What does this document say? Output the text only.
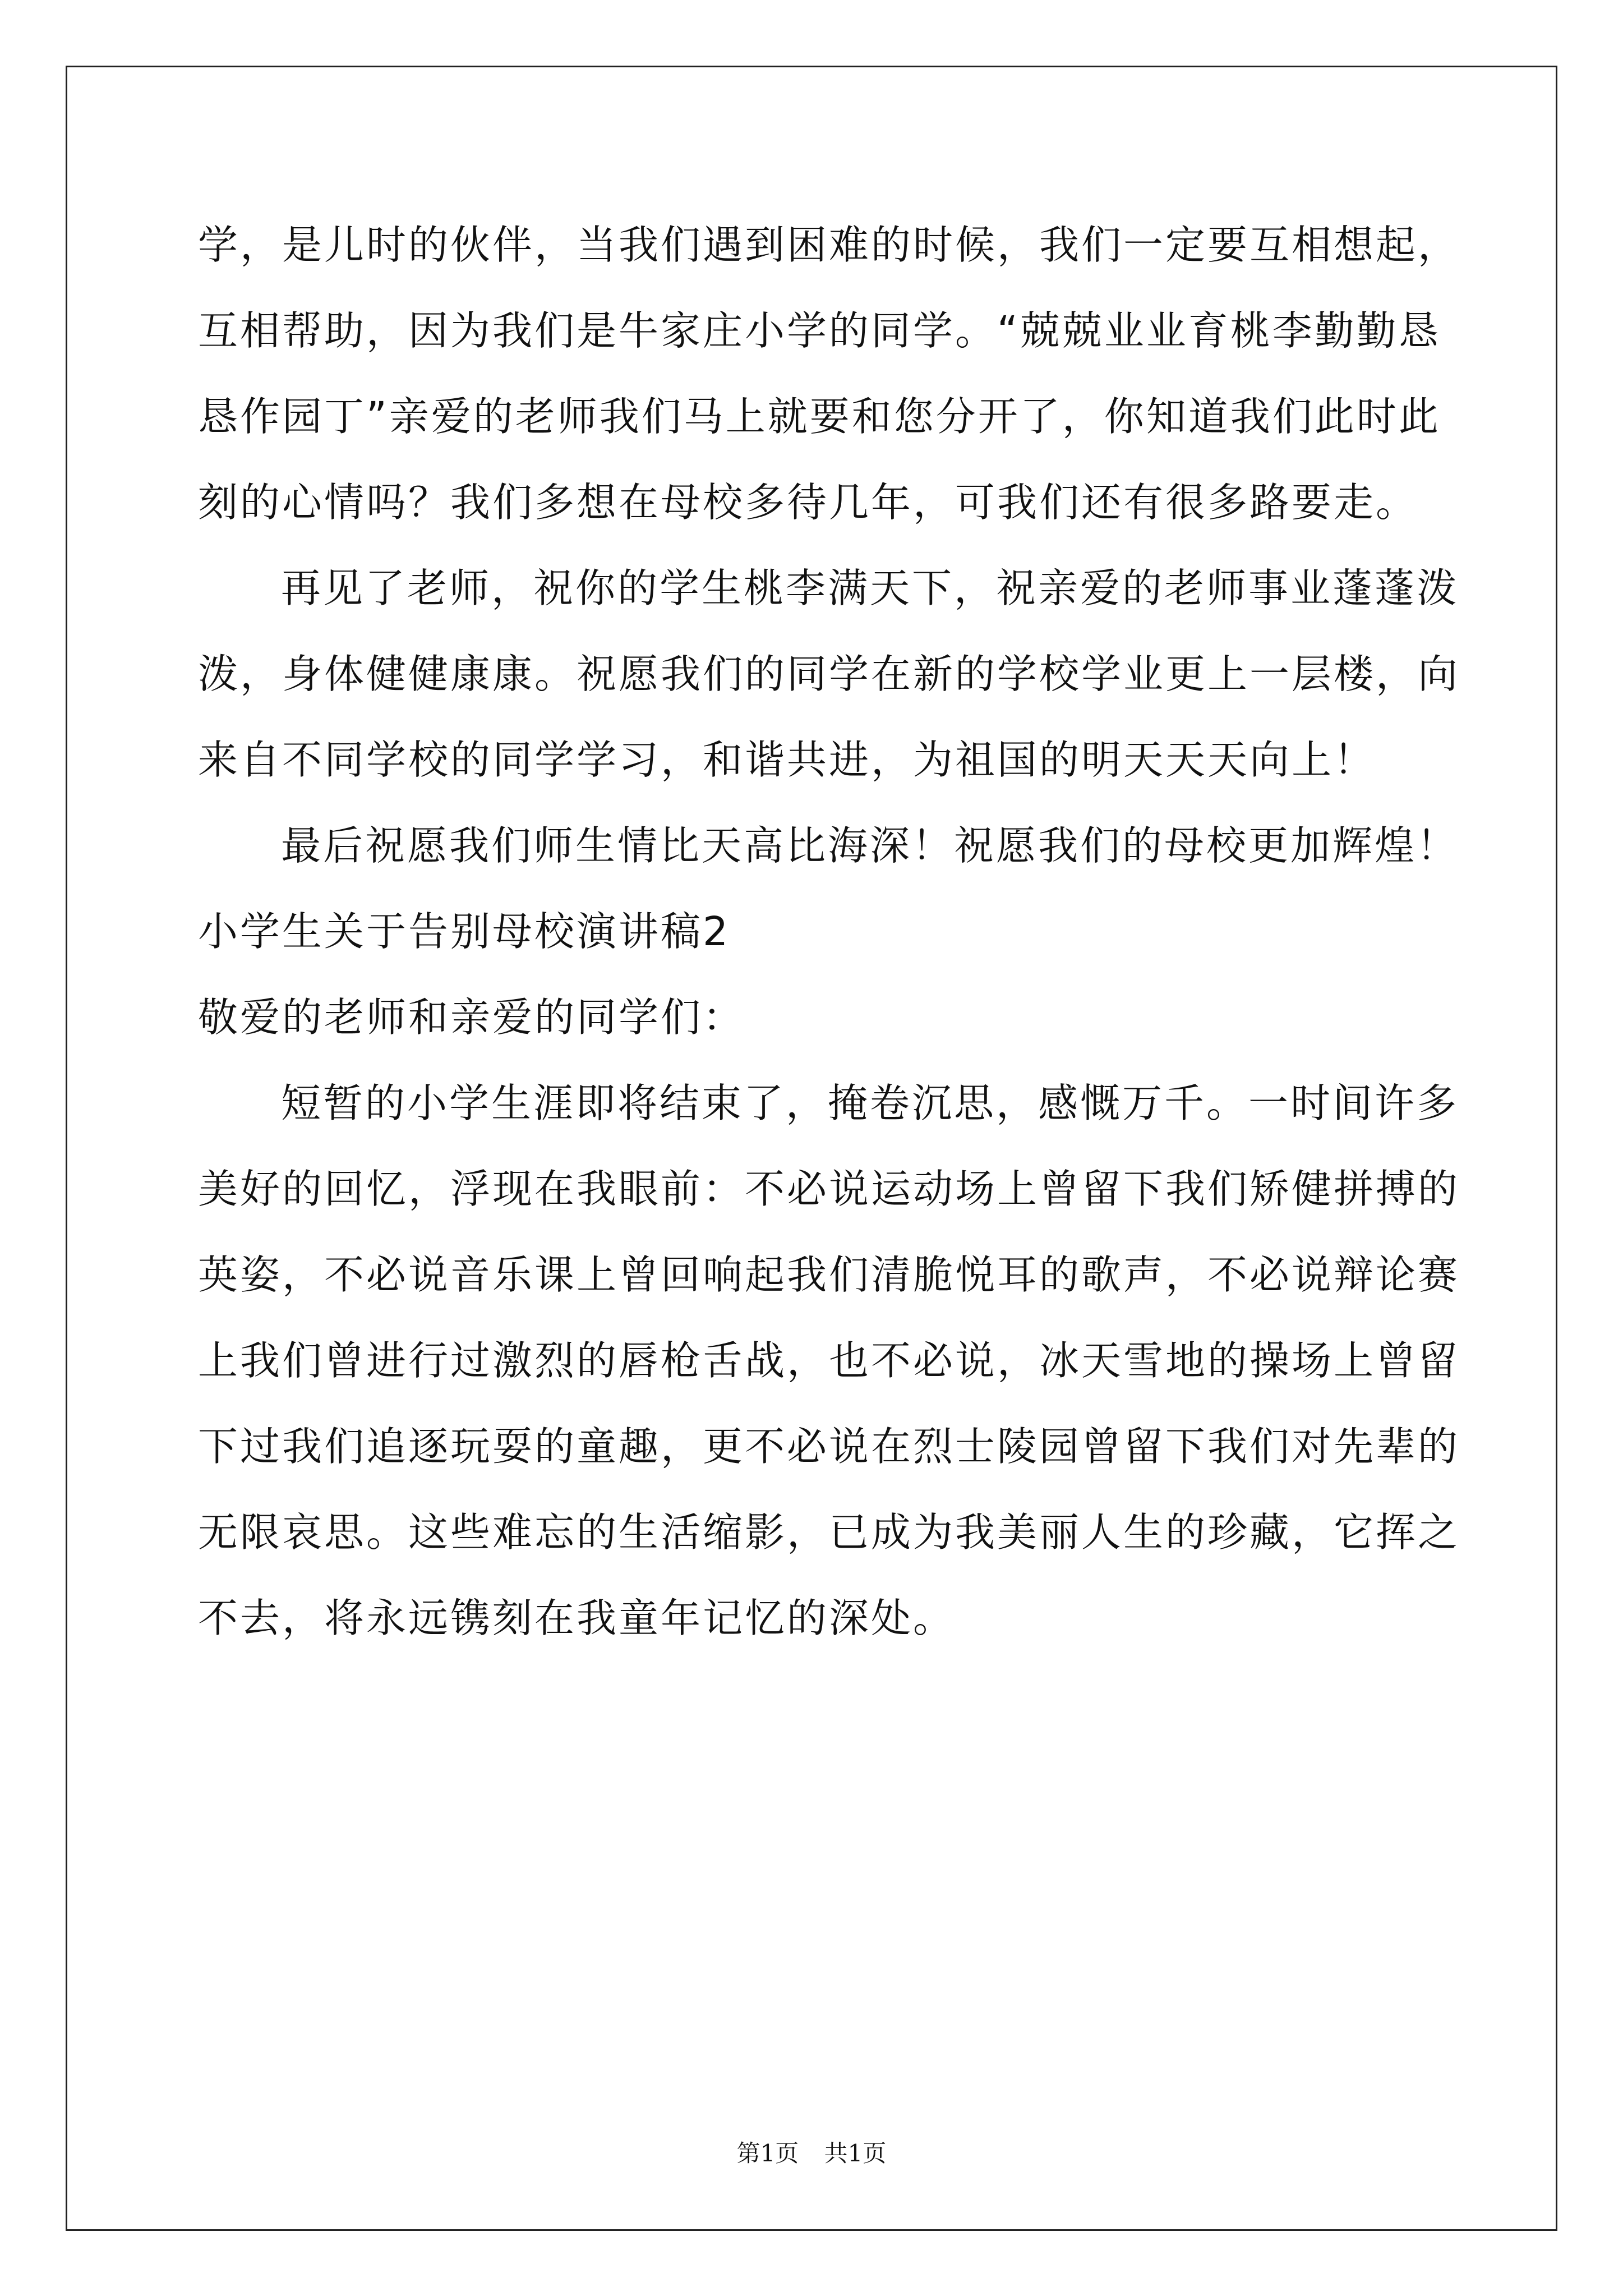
学，是儿时的伙伴，当我们遇到困难的时候，我们一定要互相想起，
互相帮助，因为我们是牛家庄小学的同学。“兢兢业业育桃李勤勤恳
恳作园丁”亲爱的老师我们马上就要和您分开了，你知道我们此时此
刻的心情吗？我们多想在母校多待几年，可我们还有很多路要走。
再见了老师，祝你的学生桃李满天下，祝亲爱的老师事业蓬蓬泼
泼，身体健健康康。祝愿我们的同学在新的学校学业更上一层楼，向
来自不同学校的同学学习，和谐共进，为祖国的明天天天向上！
最后祝愿我们师生情比天高比海深！祝愿我们的母校更加辉煌！
小学生关于告别母校演讲稿2
敬爱的老师和亲爱的同学们：
短暂的小学生涯即将结束了，掩卷沉思，感慨万千。一时间许多
美好的回忆，浮现在我眼前：不必说运动场上曾留下我们矫健拼搏的
英姿，不必说音乐课上曾回响起我们清脆悦耳的歌声，不必说辩论赛
上我们曾进行过激烈的唇枪舌战，也不必说，冰天雪地的操场上曾留
下过我们追逐玩耍的童趣，更不必说在烈士陵园曾留下我们对先辈的
无限哀思。这些难忘的生活缩影，已成为我美丽人生的珍藏，它挥之
不去，将永远镌刻在我童年记忆的深处。
第1页 共1页
